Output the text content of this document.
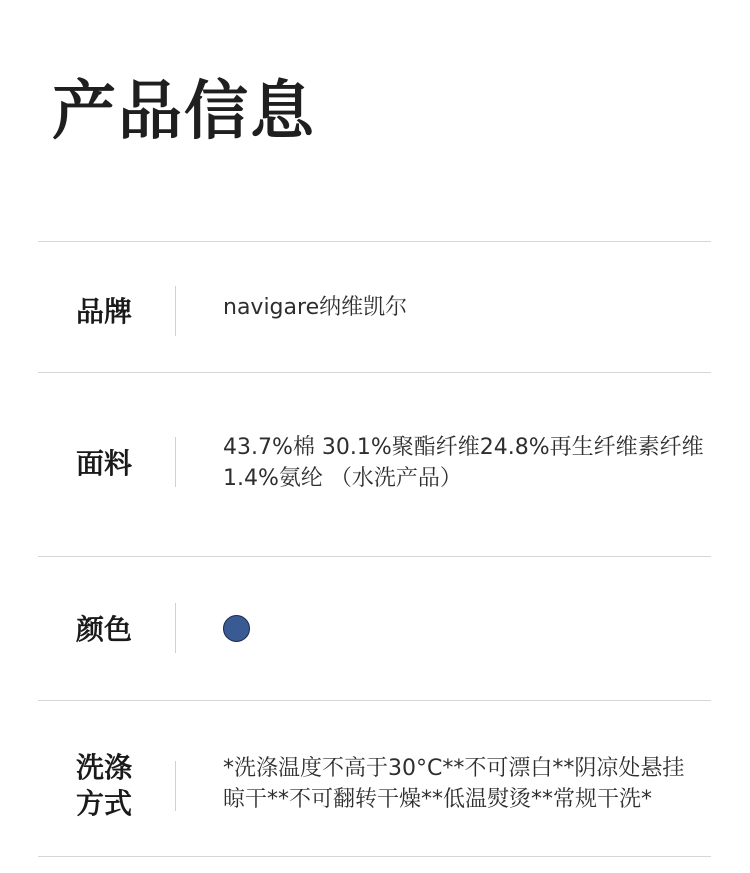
产品信息
品牌	navigare纳维凯尔
面料	43.7%棉 30.1%聚酯纤维24.8%再生纤维素纤维
1.4%氨纶 （水洗产品）
颜色
洗涤
方式
*洗涤温度不高于30°C**不可漂白**阴凉处悬挂
晾干**不可翻转干燥**低温熨烫**常规干洗*
